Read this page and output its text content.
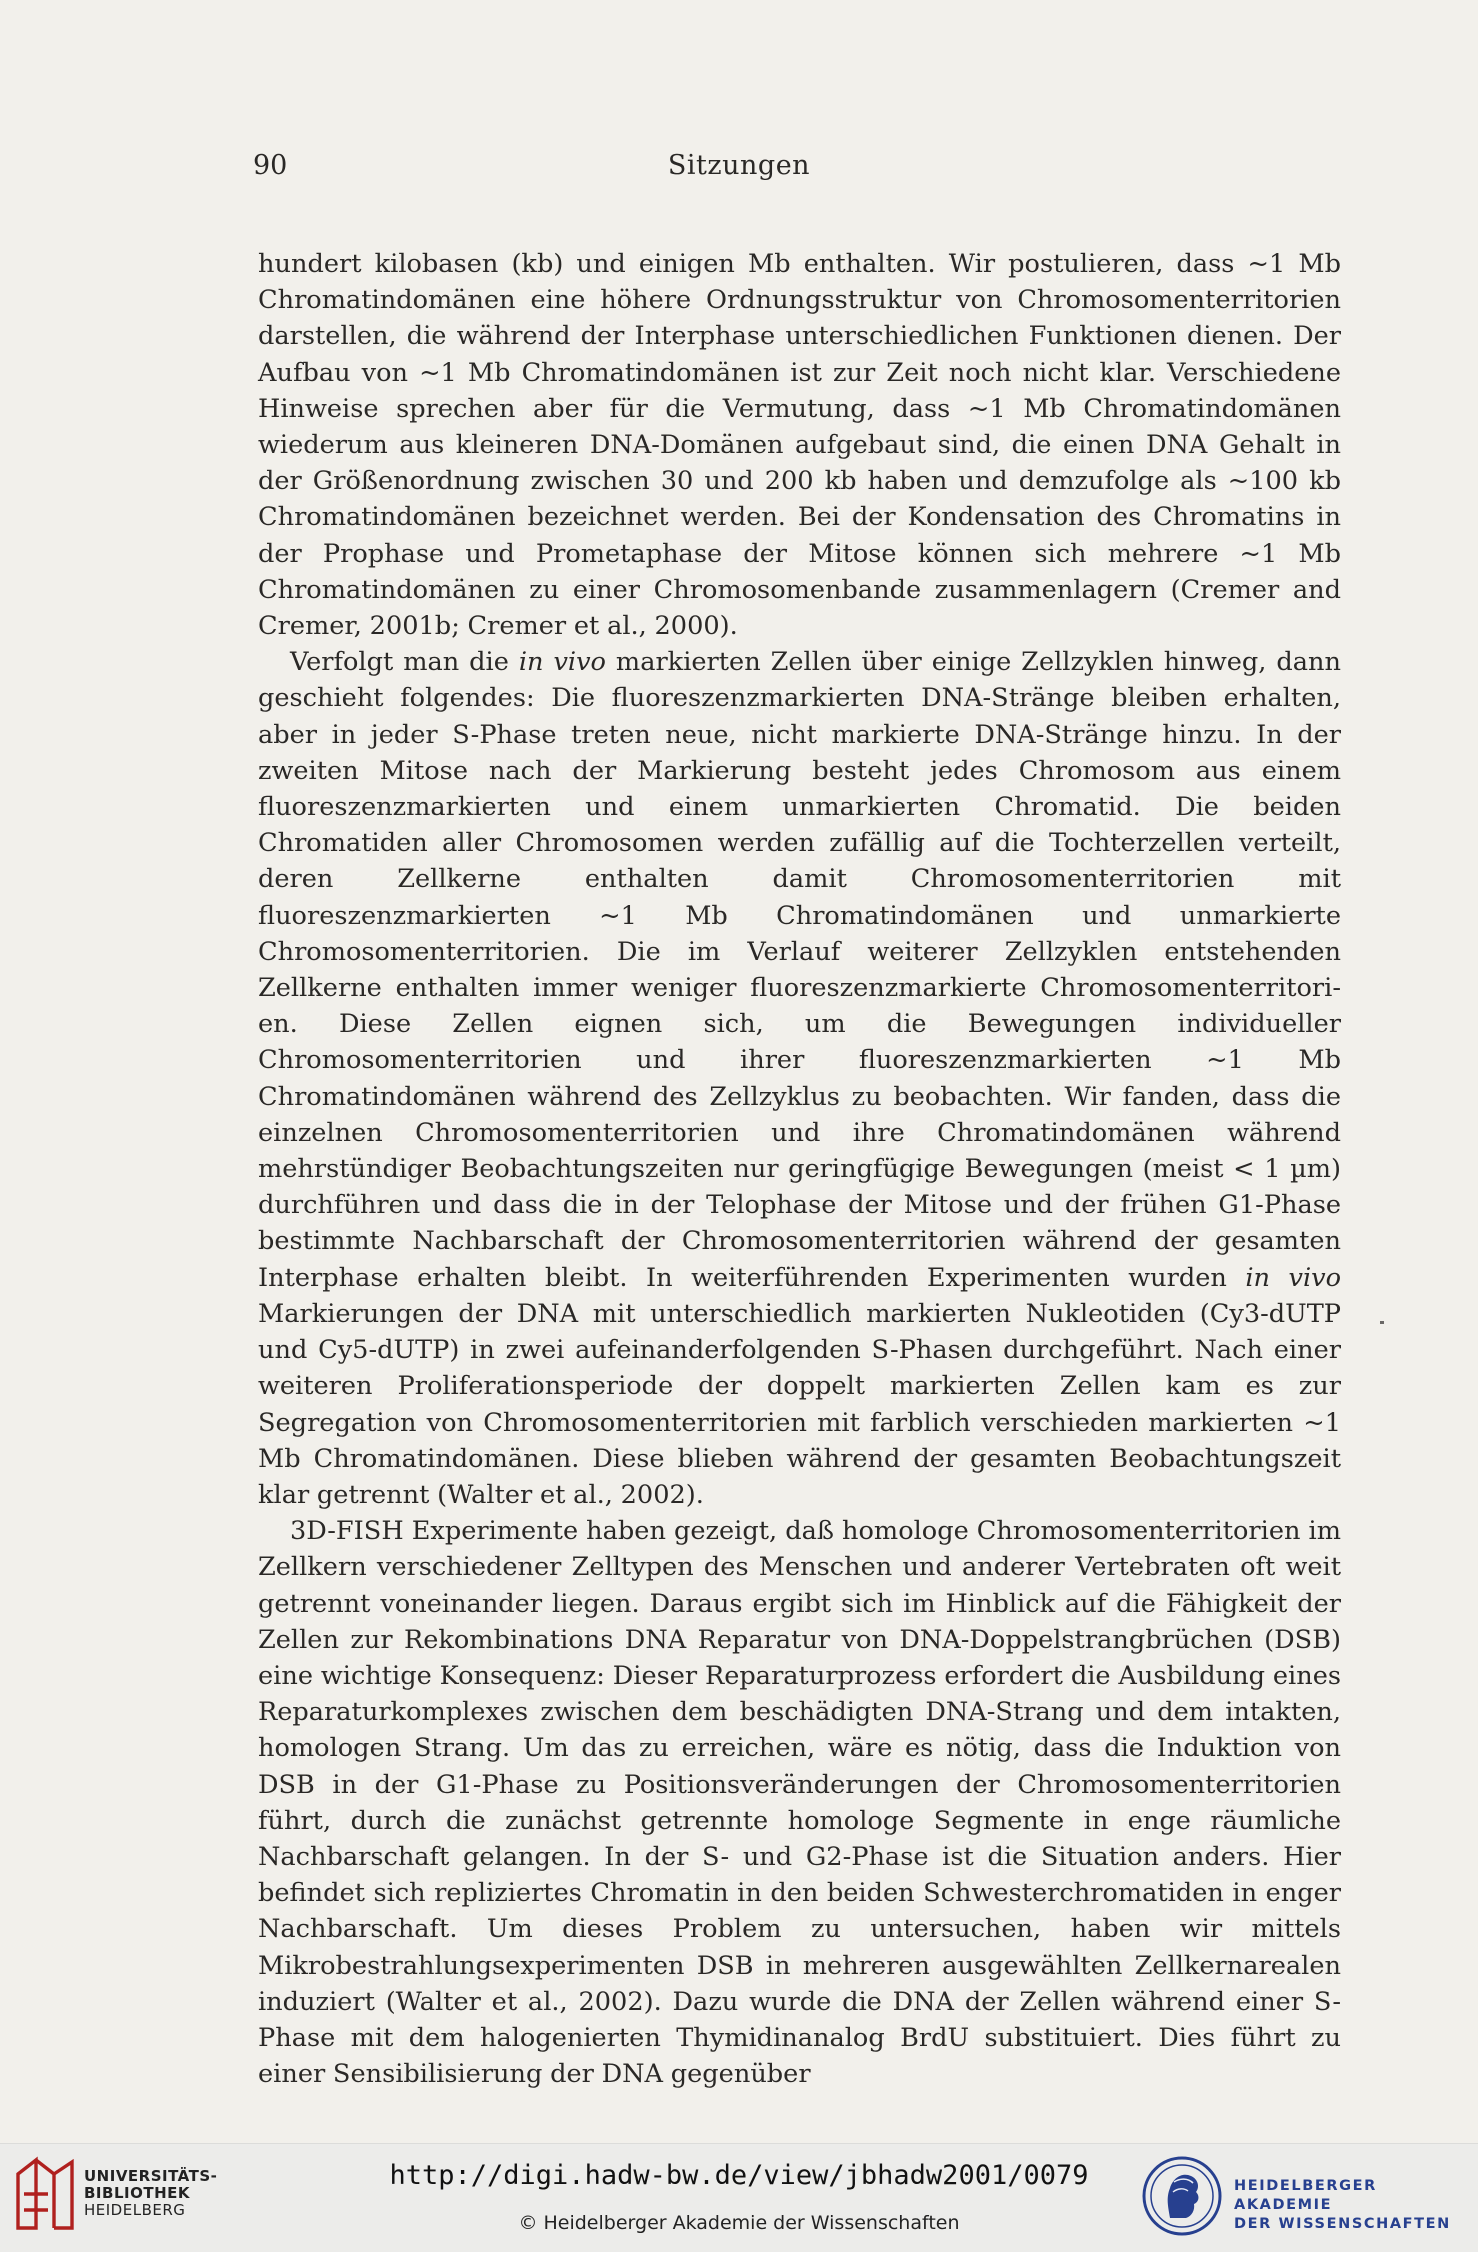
90	Sitzungen

hundert kilobasen (kb) und einigen Mb enthalten. Wir postulieren, dass ~1 Mb Chromatindomänen eine höhere Ordnungsstruktur von Chromosomenterritorien darstellen, die während der Interphase unterschiedlichen Funktionen dienen. Der Aufbau von ~1 Mb Chromatindomänen ist zur Zeit noch nicht klar. Verschiedene Hinweise sprechen aber für die Vermutung, dass ~1 Mb Chromatindomänen wiederum aus kleineren DNA-Domänen aufgebaut sind, die einen DNA Gehalt in der Größenordnung zwischen 30 und 200 kb haben und demzufolge als ~100 kb Chromatindomänen bezeichnet werden. Bei der Kondensation des Chromatins in der Prophase und Prometaphase der Mitose können sich mehrere ~1 Mb Chromatindomänen zu einer Chromosomenbande zusammenlagern (Cremer and Cremer, 2001b; Cremer et al., 2000).

Verfolgt man die in vivo markierten Zellen über einige Zellzyklen hinweg, dann geschieht folgendes: Die fluoreszenzmarkierten DNA-Stränge bleiben erhalten, aber in jeder S-Phase treten neue, nicht markierte DNA-Stränge hinzu. In der zweiten Mitose nach der Markierung besteht jedes Chromosom aus einem fluoreszenzmarkierten und einem unmarkierten Chromatid. Die beiden Chromatiden aller Chromosomen werden zufällig auf die Tochterzellen verteilt, deren Zellkerne enthalten damit Chromosomenterritorien mit fluoreszenzmarkierten ~1 Mb Chromatindomänen und unmarkierte Chromosomenterritorien. Die im Verlauf weiterer Zellzyklen entstehenden Zellkerne enthalten immer weniger fluoreszenzmarkierte Chromosomenterritorien. Diese Zellen eignen sich, um die Bewegungen individueller Chromosomenterritorien und ihrer fluoreszenzmarkierten ~1 Mb Chromatindomänen während des Zellzyklus zu beobachten. Wir fanden, dass die einzelnen Chromosomenterritorien und ihre Chromatindomänen während mehrstündiger Beobachtungszeiten nur geringfügige Bewegungen (meist < 1 µm) durchführen und dass die in der Telophase der Mitose und der frühen G1-Phase bestimmte Nachbarschaft der Chromosomenterritorien während der gesamten Interphase erhalten bleibt. In weiterführenden Experimenten wurden in vivo Markierungen der DNA mit unterschiedlich markierten Nukleotiden (Cy3-dUTP und Cy5-dUTP) in zwei aufeinanderfolgenden S-Phasen durchgeführt. Nach einer weiteren Proliferationsperiode der doppelt markierten Zellen kam es zur Segregation von Chromosomenterritorien mit farblich verschieden markierten ~1 Mb Chromatindomänen. Diese blieben während der gesamten Beobachtungszeit klar getrennt (Walter et al., 2002).

3D-FISH Experimente haben gezeigt, daß homologe Chromosomenterritorien im Zellkern verschiedener Zelltypen des Menschen und anderer Vertebraten oft weit getrennt voneinander liegen. Daraus ergibt sich im Hinblick auf die Fähigkeit der Zellen zur Rekombinations DNA Reparatur von DNA-Doppelstrangbrüchen (DSB) eine wichtige Konsequenz: Dieser Reparaturprozess erfordert die Ausbildung eines Reparaturkomplexes zwischen dem beschädigten DNA-Strang und dem intakten, homologen Strang. Um das zu erreichen, wäre es nötig, dass die Induktion von DSB in der G1-Phase zu Positionsveränderungen der Chromosomenterritorien führt, durch die zunächst getrennte homologe Segmente in enge räumliche Nachbarschaft gelangen. In der S- und G2-Phase ist die Situation anders. Hier befindet sich repliziertes Chromatin in den beiden Schwesterchromatiden in enger Nachbarschaft. Um dieses Problem zu untersuchen, haben wir mittels Mikrobestrahlungsexperimenten DSB in mehreren ausgewählten Zellkernarealen induziert (Walter et al., 2002). Dazu wurde die DNA der Zellen während einer S-Phase mit dem halogenierten Thymidinanalog BrdU substituiert. Dies führt zu einer Sensibilisierung der DNA gegenüber

UNIVERSITÄTS-
BIBLIOTHEK
HEIDELBERG
http://digi.hadw-bw.de/view/jbhadw2001/0079
© Heidelberger Akademie der Wissenschaften
HEIDELBERGER AKADEMIE
DER WISSENSCHAFTEN
